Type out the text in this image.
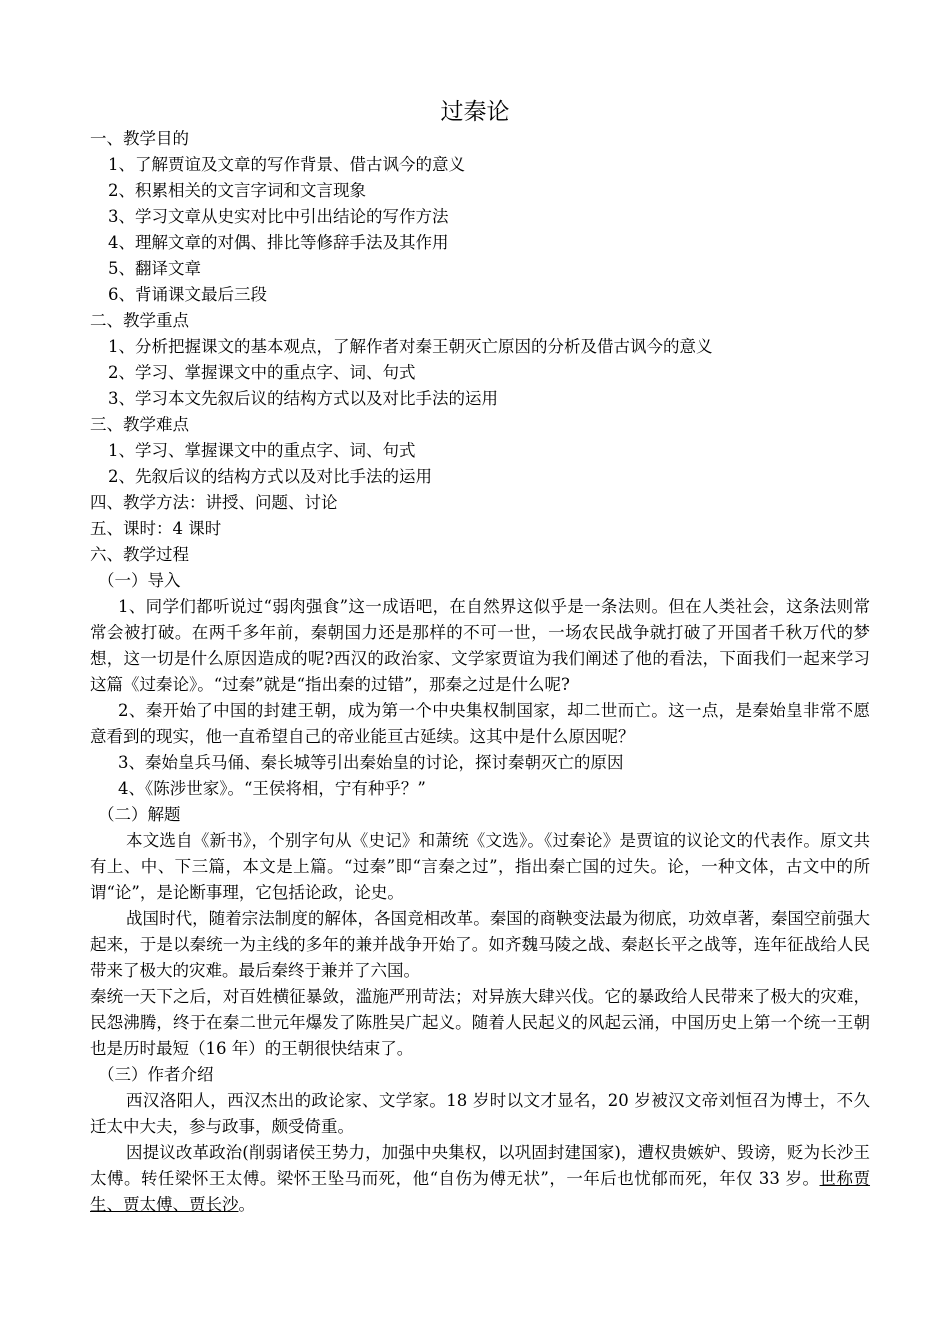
过秦论
一、教学目的
1、了解贾谊及文章的写作背景、借古讽今的意义
2、积累相关的文言字词和文言现象
3、学习文章从史实对比中引出结论的写作方法
4、理解文章的对偶、排比等修辞手法及其作用
5、翻译文章
6、背诵课文最后三段
二、教学重点
1、分析把握课文的基本观点，了解作者对秦王朝灭亡原因的分析及借古讽今的意义
2、学习、掌握课文中的重点字、词、句式
3、学习本文先叙后议的结构方式以及对比手法的运用
三、教学难点
1、学习、掌握课文中的重点字、词、句式
2、先叙后议的结构方式以及对比手法的运用
四、教学方法：讲授、问题、讨论
五、课时：4 课时
六、教学过程
（一）导入

1、同学们都听说过“弱肉强食”这一成语吧，在自然界这似乎是一条法则。但在人类社会，这条法则常常会被打破。在两千多年前，秦朝国力还是那样的不可一世，一场农民战争就打破了开国者千秋万代的梦想，这一切是什么原因造成的呢?西汉的政治家、文学家贾谊为我们阐述了他的看法，下面我们一起来学习这篇《过秦论》。“过秦”就是“指出秦的过错”，那秦之过是什么呢?

2、秦开始了中国的封建王朝，成为第一个中央集权制国家，却二世而亡。这一点，是秦始皇非常不愿意看到的现实，他一直希望自己的帝业能亘古延续。这其中是什么原因呢？

3、秦始皇兵马俑、秦长城等引出秦始皇的讨论，探讨秦朝灭亡的原因

4、《陈涉世家》。“王侯将相，宁有种乎？”

（二）解题

本文选自《新书》，个别字句从《史记》和萧统《文选》。《过秦论》是贾谊的议论文的代表作。原文共有上、中、下三篇，本文是上篇。“过秦”即“言秦之过”，指出秦亡国的过失。论，一种文体，古文中的所谓“论”，是论断事理，它包括论政，论史。

战国时代，随着宗法制度的解体，各国竞相改革。秦国的商鞅变法最为彻底，功效卓著，秦国空前强大起来，于是以秦统一为主线的多年的兼并战争开始了。如齐魏马陵之战、秦赵长平之战等，连年征战给人民带来了极大的灾难。最后秦终于兼并了六国。

秦统一天下之后，对百姓横征暴敛，滥施严刑苛法；对异族大肆兴伐。它的暴政给人民带来了极大的灾难，民怨沸腾，终于在秦二世元年爆发了陈胜吴广起义。随着人民起义的风起云涌，中国历史上第一个统一王朝也是历时最短（16 年）的王朝很快结束了。

（三）作者介绍

西汉洛阳人，西汉杰出的政论家、文学家。18 岁时以文才显名，20 岁被汉文帝刘恒召为博士，不久迁太中大夫，参与政事，颇受倚重。

因提议改革政治(削弱诸侯王势力，加强中央集权，以巩固封建国家)，遭权贵嫉妒、毁谤，贬为长沙王太傅。转任梁怀王太傅。梁怀王坠马而死，他“自伤为傅无状”，一年后也忧郁而死，年仅 33 岁。世称贾生、贾太傅、贾长沙。
